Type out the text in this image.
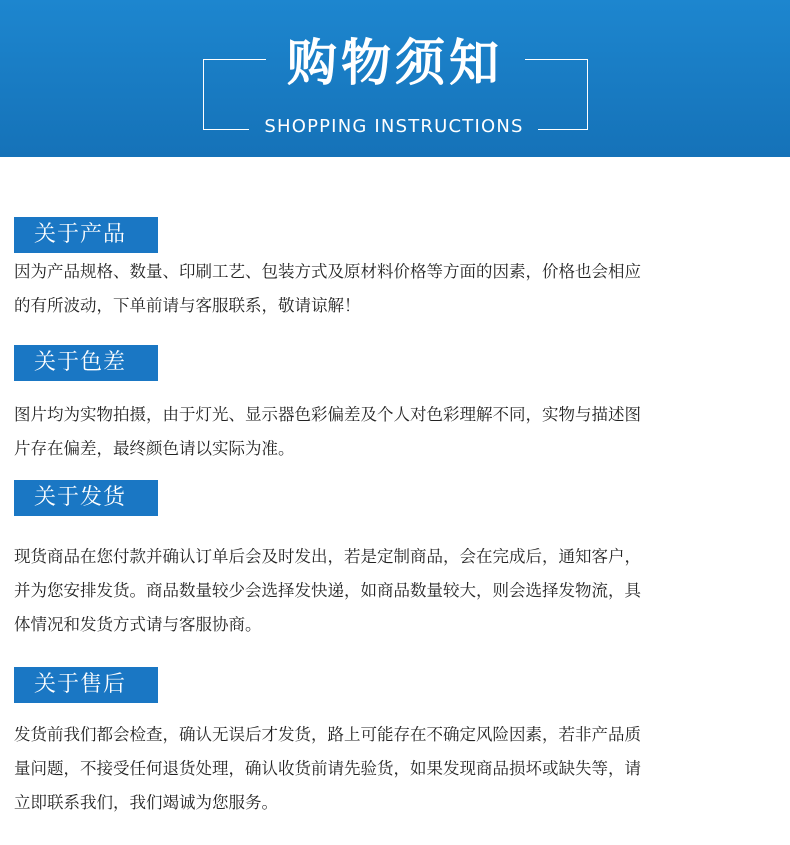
购物须知
SHOPPING INSTRUCTIONS
关于产品
因为产品规格、数量、印刷工艺、包装方式及原材料价格等方面的因素，价格也会相应
的有所波动，下单前请与客服联系，敬请谅解！
关于色差
图片均为实物拍摄，由于灯光、显示器色彩偏差及个人对色彩理解不同，实物与描述图
片存在偏差，最终颜色请以实际为准。
关于发货
现货商品在您付款并确认订单后会及时发出，若是定制商品，会在完成后，通知客户，
并为您安排发货。商品数量较少会选择发快递，如商品数量较大，则会选择发物流，具
体情况和发货方式请与客服协商。
关于售后
发货前我们都会检查，确认无误后才发货，路上可能存在不确定风险因素，若非产品质
量问题，不接受任何退货处理，确认收货前请先验货，如果发现商品损坏或缺失等，请
立即联系我们，我们竭诚为您服务。
